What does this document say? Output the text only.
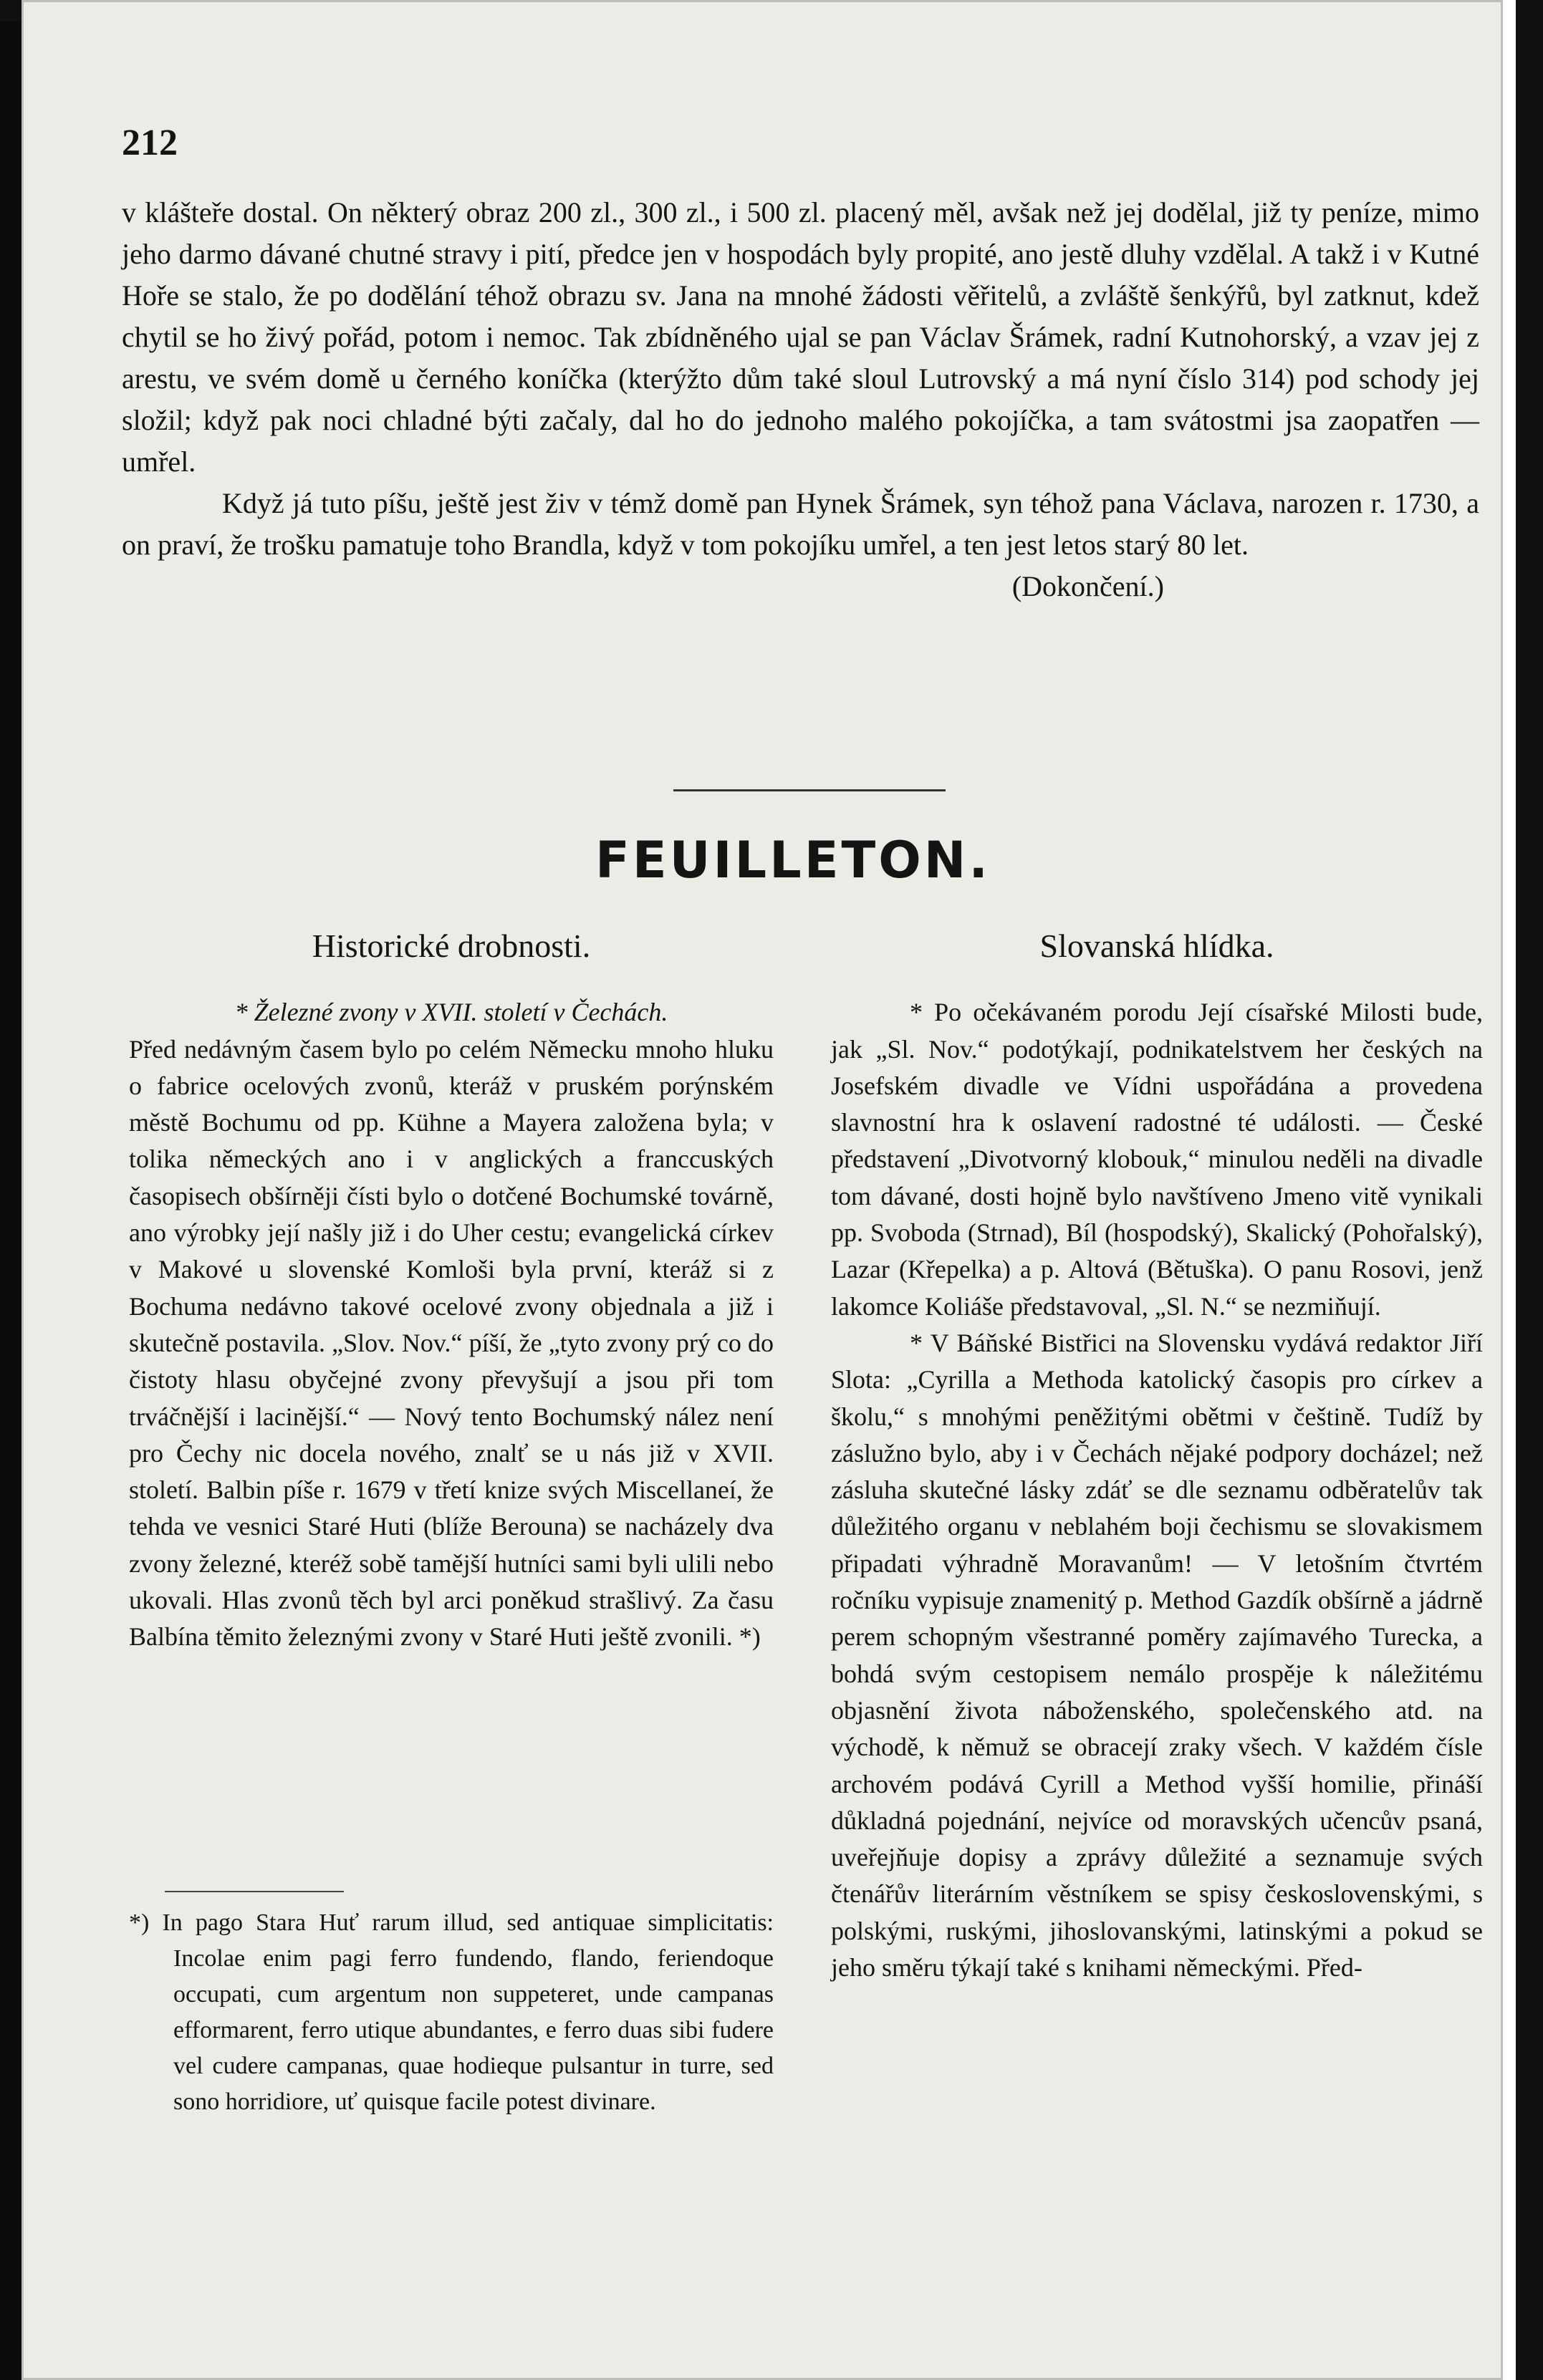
212

v klášteře dostal. On některý obraz 200 zl., 300 zl., i 500 zl. placený měl, avšak než jej dodělal, již ty peníze, mimo jeho darmo dávané chutné stravy i pití, předce jen v hospodách byly propité, ano jestě dluhy vzdělal. A takž i v Kutné Hoře se stalo, že po dodělání téhož obrazu sv. Jana na mnohé žádosti věřitelů, a zvláště šenkýřů, byl zatknut, kdež chytil se ho živý pořád, potom i nemoc. Tak zbídněného ujal se pan Václav Šrámek, radní Kutnohorský, a vzav jej z arestu, ve svém domě u černého koníčka (kterýžto dům také sloul Lutrovský a má nyní číslo 314) pod schody jej složil; když pak noci chladné býti začaly, dal ho do jednoho malého pokojíčka, a tam svátostmi jsa zaopatřen — umřel.

Když já tuto píšu, ještě jest živ v témž domě pan Hynek Šrámek, syn téhož pana Václava, narozen r. 1730, a on praví, že trošku pamatuje toho Brandla, když v tom pokojíku umřel, a ten jest letos starý 80 let.

(Dokončení.)

FEUILLETON.
Historické drobnosti.

* Železné zvony v XVII. století v Čechách.

Před nedávným časem bylo po celém Německu mnoho hluku o fabrice ocelových zvonů, kteráž v pruském porýnském městě Bochumu od pp. Kühne a Mayera založena byla; v tolika německých ano i v anglických a franccuských časopisech obšírněji čísti bylo o dotčené Bochumské továrně, ano výrobky její našly již i do Uher cestu; evangelická církev v Makové u slovenské Komloši byla první, kteráž si z Bochuma nedávno takové ocelové zvony objednala a již i skutečně postavila. „Slov. Nov.“ píší, že „tyto zvony prý co do čistoty hlasu obyčejné zvony převyšují a jsou při tom trváčnější i lacinější.“ — Nový tento Bochumský nález není pro Čechy nic docela nového, znalť se u nás již v XVII. století. Balbin píše r. 1679 v třetí knize svých Miscellaneí, že tehda ve vesnici Staré Huti (blíže Berouna) se nacházely dva zvony železné, kteréž sobě tamější hutníci sami byli ulili nebo ukovali. Hlas zvonů těch byl arci poněkud strašlivý. Za času Balbína těmito železnými zvony v Staré Huti ještě zvonili. *)

*) In pago Stara Huť rarum illud, sed antiquae simplicitatis: Incolae enim pagi ferro fundendo, flando, feriendoque occupati, cum argentum non suppeteret, unde campanas efformarent, ferro utique abundantes, e ferro duas sibi fudere vel cudere campanas, quae hodieque pulsantur in turre, sed sono horridiore, uť quisque facile potest divinare.

Slovanská hlídka.

* Po očekávaném porodu Její císařské Milosti bude, jak „Sl. Nov.“ podotýkají, podnikatelstvem her českých na Josefském divadle ve Vídni uspořádána a provedena slavnostní hra k oslavení radostné té události. — České představení „Divotvorný klobouk,“ minulou neděli na divadle tom dávané, dosti hojně bylo navštíveno Jmeno vitě vynikali pp. Svoboda (Strnad), Bíl (hospodský), Skalický (Pohořalský), Lazar (Křepelka) a p. Altová (Bětuška). O panu Rosovi, jenž lakomce Koliáše představoval, „Sl. N.“ se nezmiňují.

* V Báňské Bistřici na Slovensku vydává redaktor Jiří Slota: „Cyrilla a Methoda katolický časopis pro církev a školu,“ s mnohými peněžitými obětmi v češtině. Tudíž by záslužno bylo, aby i v Čechách nějaké podpory docházel; než zásluha skutečné lásky zdáť se dle seznamu odběratelův tak důležitého organu v neblahém boji čechismu se slovakismem připadati výhradně Moravanům! — V letošním čtvrtém ročníku vypisuje znamenitý p. Method Gazdík obšírně a jádrně perem schopným všestranné poměry zajímavého Turecka, a bohdá svým cestopisem nemálo prospěje k náležitému objasnění života náboženského, společenského atd. na východě, k němuž se obracejí zraky všech. V každém čísle archovém podává Cyrill a Method vyšší homilie, přináší důkladná pojednání, nejvíce od moravských učencův psaná, uveřejňuje dopisy a zprávy důležité a seznamuje svých čtenářův literárním věstníkem se spisy československými, s polskými, ruskými, jihoslovanskými, latinskými a pokud se jeho směru týkají také s knihami německými. Před-
